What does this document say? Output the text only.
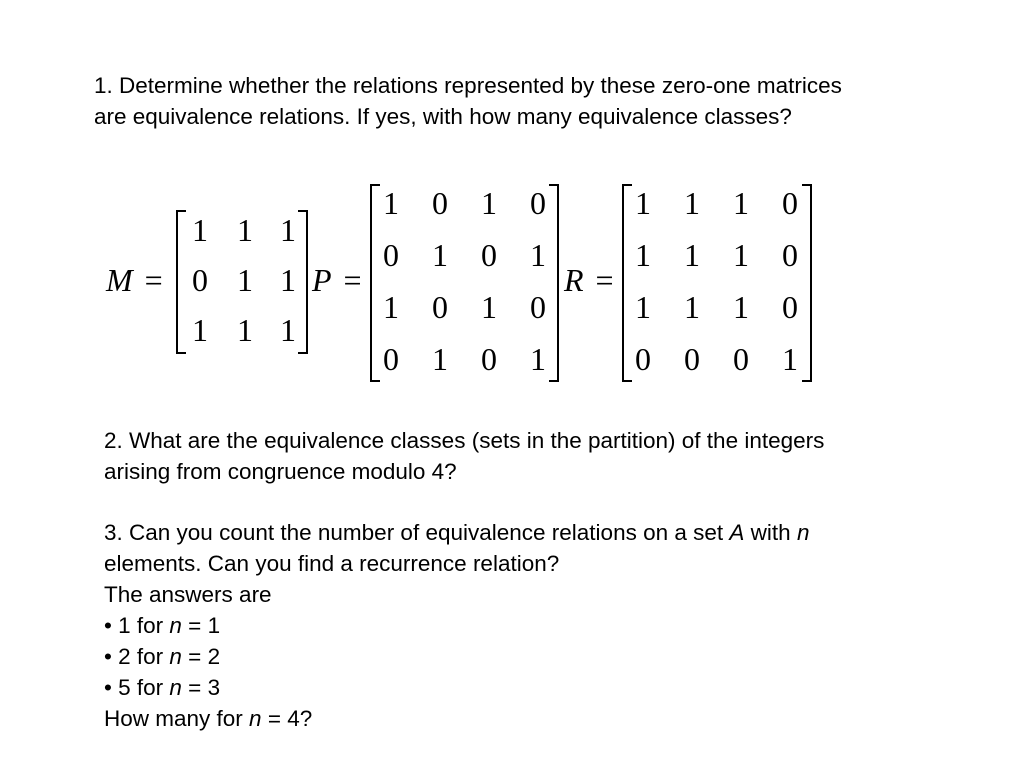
1. Determine whether the relations represented by these zero-one matrices
are equivalence relations. If yes, with how many equivalence classes?
M =
1 1 1
0 1 1
1 1 1
P =
1 0 1 0
0 1 0 1
1 0 1 0
0 1 0 1
R =
1 1 1 0
1 1 1 0
1 1 1 0
0 0 0 1
2. What are the equivalence classes (sets in the partition) of the integers
arising from congruence modulo 4?
3. Can you count the number of equivalence relations on a set A with n
elements. Can you find a recurrence relation?
The answers are
• 1 for n = 1
• 2 for n = 2
• 5 for n = 3
How many for n = 4?
